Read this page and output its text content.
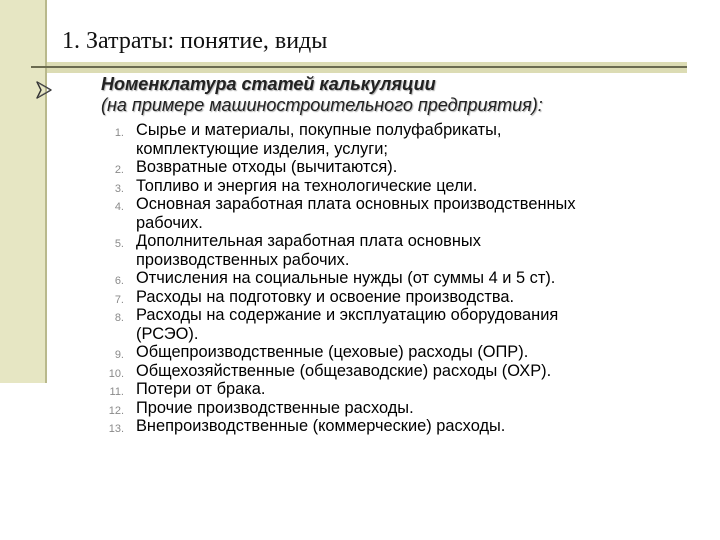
1. Затраты: понятие, виды
Номенклатура статей калькуляции
(на примере машиностроительного предприятия):
1. Сырье и материалы, покупные полуфабрикаты,
комплектующие изделия, услуги;
2. Возвратные отходы (вычитаются).
3. Топливо и энергия на технологические цели.
4. Основная заработная плата основных производственных
рабочих.
5. Дополнительная заработная плата основных
производственных рабочих.
6. Отчисления на социальные нужды (от суммы 4 и 5 ст).
7. Расходы на подготовку и освоение производства.
8. Расходы на содержание и эксплуатацию оборудования
(РСЭО).
9. Общепроизводственные (цеховые) расходы (ОПР).
10. Общехозяйственные (общезаводские) расходы (ОХР).
11. Потери от брака.
12. Прочие производственные расходы.
13. Внепроизводственные (коммерческие) расходы.
